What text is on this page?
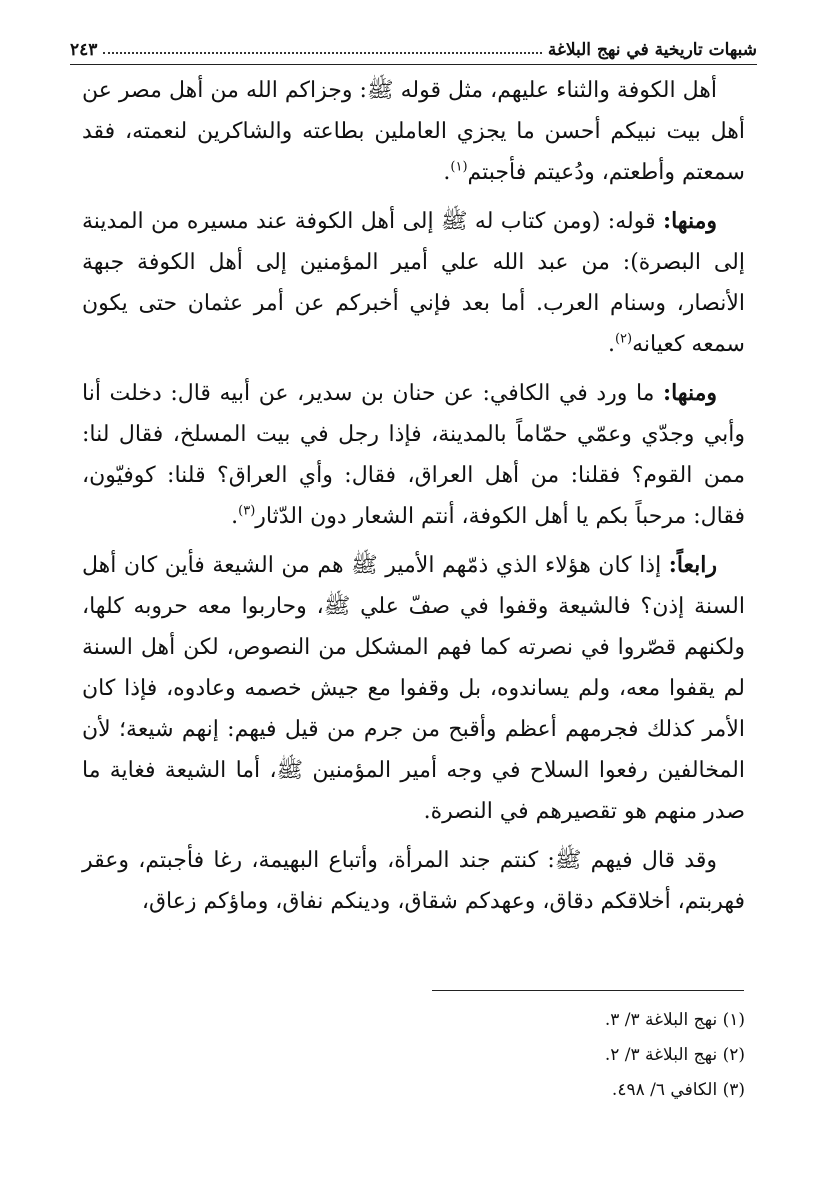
شبهات تاريخية في نهج البلاغة
٢٤٣

أهل الكوفة والثناء عليهم، مثل قوله ﷺ: وجزاكم الله من أهل مصر عن أهل بيت نبيكم أحسن ما يجزي العاملين بطاعته والشاكرين لنعمته، فقد سمعتم وأطعتم، ودُعيتم فأجبتم$^{(١)}$.

ومنها: قوله: (ومن كتاب له ﷺ إلى أهل الكوفة عند مسيره من المدينة إلى البصرة): من عبد الله علي أمير المؤمنين إلى أهل الكوفة جبهة الأنصار، وسنام العرب. أما بعد فإني أخبركم عن أمر عثمان حتى يكون سمعه كعيانه$^{(٢)}$.

ومنها: ما ورد في الكافي: عن حنان بن سدير، عن أبيه قال: دخلت أنا وأبي وجدّي وعمّي حمّاماً بالمدينة، فإذا رجل في بيت المسلخ، فقال لنا: ممن القوم؟ فقلنا: من أهل العراق، فقال: وأي العراق؟ قلنا: كوفيّون، فقال: مرحباً بكم يا أهل الكوفة، أنتم الشعار دون الدّثار$^{(٣)}$.

رابعاً: إذا كان هؤلاء الذي ذمّهم الأمير ﷺ هم من الشيعة فأين كان أهل السنة إذن؟ فالشيعة وقفوا في صفّ علي ﷺ، وحاربوا معه حروبه كلها، ولكنهم قصّروا في نصرته كما فهم المشكل من النصوص، لكن أهل السنة لم يقفوا معه، ولم يساندوه، بل وقفوا مع جيش خصمه وعادوه، فإذا كان الأمر كذلك فجرمهم أعظم وأقبح من جرم من قيل فيهم: إنهم شيعة؛ لأن المخالفين رفعوا السلاح في وجه أمير المؤمنين ﷺ، أما الشيعة فغاية ما صدر منهم هو تقصيرهم في النصرة.

وقد قال فيهم ﷺ: كنتم جند المرأة، وأتباع البهيمة، رغا فأجبتم، وعقر فهربتم، أخلاقكم دقاق، وعهدكم شقاق، ودينكم نفاق، وماؤكم زعاق،

(١) نهج البلاغة ٣/ ٣.
(٢) نهج البلاغة ٣/ ٢.
(٣) الكافي ٦/ ٤٩٨.
